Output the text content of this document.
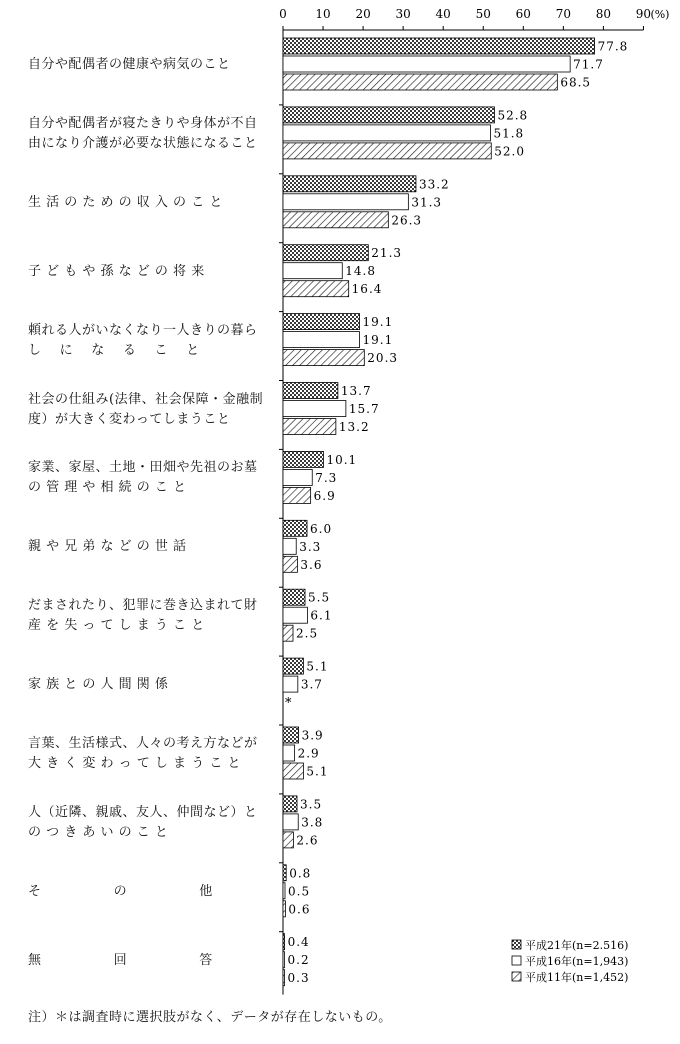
0 10 20 30 40 50 60 70 80 90 (%)
77.8
71.7
68.5
52.8
51.8
52.0
33.2
31.3
26.3
21.3
14.8
16.4
19.1
19.1
20.3
13.7
15.7
13.2
10.1
7.3
6.9
6.0
3.3
3.6
5.5
6.1
2.5
5.1
3.7
*
3.9
2.9
5.1
3.5
3.8
2.6
0.8
0.5
0.6
0.4
0.2
0.3
平成21年(n=2.516)
平成16年(n=1,943)
平成11年(n=1,452)
自分や配偶者の健康や病気のこと
自分や配偶者が寝たきりや身体が不自
由になり介護が必要な状態になること
生 活 の た め の 収 入 の こ と
子 ど も や 孫 な ど の 将 来
頼れる人がいなくなり一人きりの暮ら
し　 に　 な　 る　 こ　 と
社会の仕組み(法律、社会保障・金融制
度）が大きく変わってしまうこと
家業、家屋、土地・田畑や先祖のお墓
の 管 理 や 相 続 の こ と
親 や 兄 弟 な ど の 世 話
だまされたり、犯罪に巻き込まれて財
産 を 失 っ て し ま う こ と
家 族 と の 人 間 関 係
言葉、生活様式、人々の考え方などが
大 き く 変 わ っ て し ま う こ と
人（近隣、親戚、友人、仲間など）と
の つ き あ い の こ と
そ　　　　　 の　　　　　 他
無　　　　　 回　　　　　 答
注）＊は調査時に選択肢がなく、データが存在しないもの。
